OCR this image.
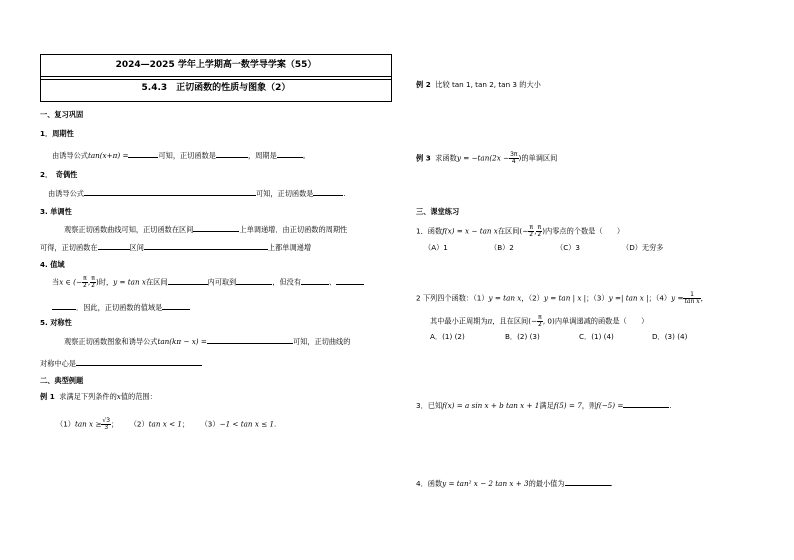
2024—2025 学年上学期高一数学导学案（55）
5.4.3　正切函数的性质与图象（2）
一、复习巩固
1．周期性
由诱导公式tan(x+π) =	可知，正切函数是	，周期是	。
2．　奇偶性
由诱导公式	可知，正切函数是	.
3. 单调性
观察正切函数曲线可知，正切函数在区间	上单调递增．由正切函数的周期性
可得，正切函数在	区间	上都单调递增
4. 值域
当x ∈ (− $\frac{\pi}{2}$ , $\frac{\pi}{2}$ )时，y = tan x在区间	内可取到	，但没有	、
．因此，正切函数的值域是
5. 对称性
观察正切函数图象和诱导公式tan(kπ − x) =	可知，正切曲线的
对称中心是
二、典型例题
例 1 求满足下列条件的x值的范围：
（1）tan $x \ge \frac{√3}{3}$ ； （2）tan x < 1； （3）−1 < tan x ≤ 1.
例 2 比较 tan 1, tan 2, tan 3 的大小
例 3 求函数$y = -\tan(2x - \frac{3\pi}{4}$ )的单调区间
三、课堂练习
1．函数f(x) = x − tan x在区间(− $\frac{\pi}{2}$ , $\frac{\pi}{2}$ )内零点的个数是（　　）
（A）1	（B）2	（C）3	（D）无穷多
2 下列四个函数：（1）y = tan x，（2）y = tan | x |；（3）y =| tan x |；$(4)y = \frac{1}{\text{tan x}}$ ，
其中最小正周期为π，且在区间(− $\frac{\pi}{2}$ , 0)内单调递减的函数是（　　）
A．(1) (2)	B．(2) (3)	C．(1) (4)	D．(3) (4)
3．已知f(x) = a sin x + b tan x + 1满足f(5) = 7，则f(−5) =	.
4．函数y = tan² x − 2 tan x + 3的最小值为	.
